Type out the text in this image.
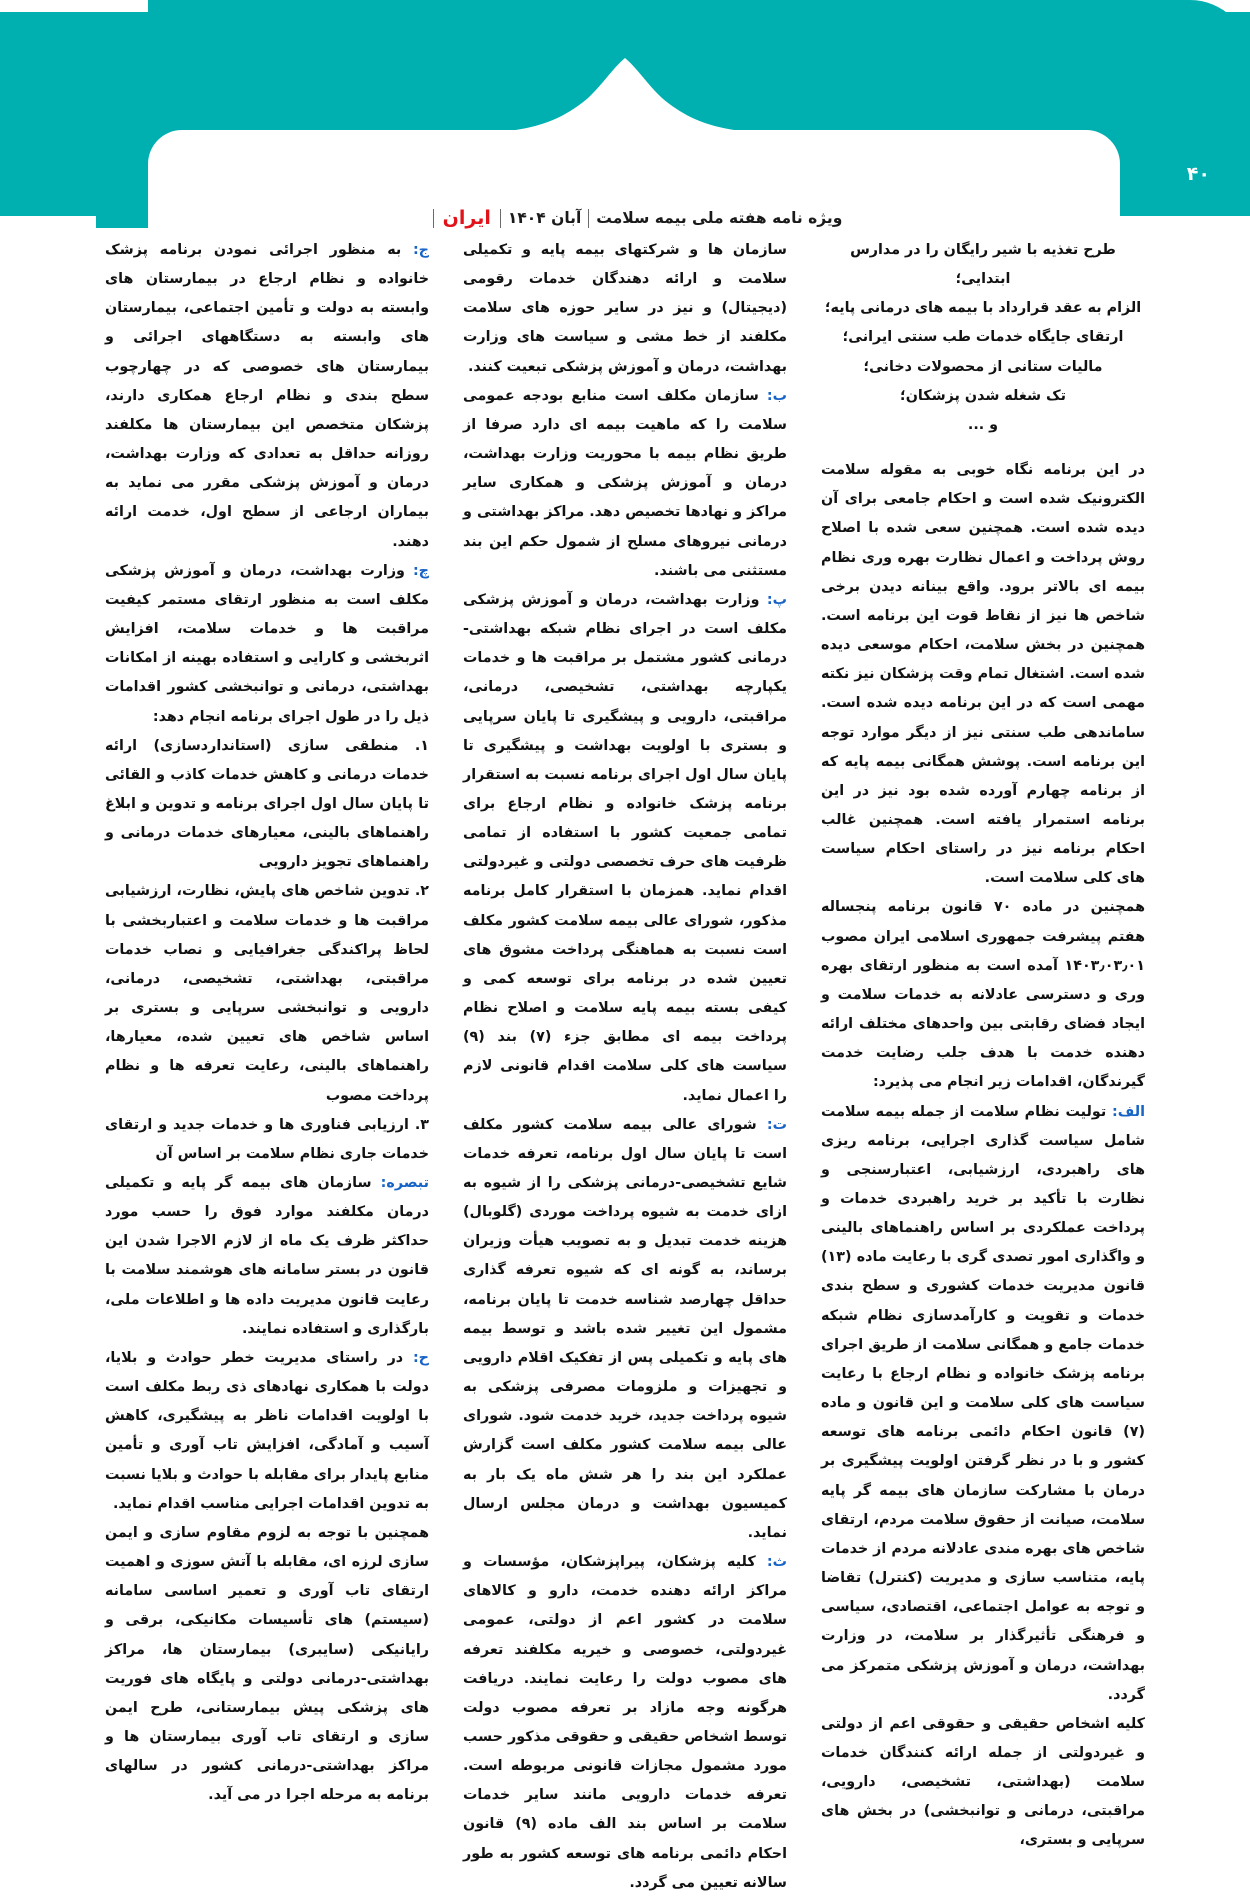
ویژه نامه هفته ملی بیمه سلامت
آبان ۱۴۰۴
ایران
۴۰

طرح تغذیه با شیر رایگان را در مدارس ابتدایی؛

الزام به عقد قرارداد با بیمه های درمانی پایه؛

ارتقای جایگاه خدمات طب سنتی ایرانی؛

مالیات ستانی از محصولات دخانی؛

تک شغله شدن پزشکان؛

و ...

در این برنامه نگاه خوبی به مقوله سلامت الکترونیک شده است و احکام جامعی برای آن دیده شده است. همچنین سعی شده با اصلاح روش پرداخت و اعمال نظارت بهره وری نظام بیمه ای بالاتر برود. واقع بینانه دیدن برخی شاخص ها نیز از نقاط قوت این برنامه است. همچنین در بخش سلامت، احکام موسعی دیده شده است. اشتغال تمام وقت پزشکان نیز نکته مهمی است که در این برنامه دیده شده است. ساماندهی طب سنتی نیز از دیگر موارد توجه این برنامه است. پوشش همگانی بیمه پایه که از برنامه چهارم آورده شده بود نیز در این برنامه استمرار یافته است. همچنین غالب احکام برنامه نیز در راستای احکام سیاست های کلی سلامت است.

همچنین در ماده ۷۰ قانون برنامه پنجساله هفتم پیشرفت جمهوری اسلامی ایران مصوب ۱۴۰۳٫۰۳٫۰۱ آمده است به منظور ارتقای بهره وری و دسترسی عادلانه به خدمات سلامت و ایجاد فضای رقابتی بین واحدهای مختلف ارائه دهنده خدمت با هدف جلب رضایت خدمت گیرندگان، اقدامات زیر انجام می پذیرد:

الف: تولیت نظام سلامت از جمله بیمه سلامت شامل سیاست گذاری اجرایی، برنامه ریزی های راهبردی، ارزشیابی، اعتبارسنجی و نظارت با تأکید بر خرید راهبردی خدمات و پرداخت عملکردی بر اساس راهنماهای بالینی و واگذاری امور تصدی گری با رعایت ماده (۱۳) قانون مدیریت خدمات کشوری و سطح بندی خدمات و تقویت و کارآمدسازی نظام شبکه خدمات جامع و همگانی سلامت از طریق اجرای برنامه پزشک خانواده و نظام ارجاع با رعایت سیاست های کلی سلامت و این قانون و ماده (۷) قانون احکام دائمی برنامه های توسعه کشور و با در نظر گرفتن اولویت پیشگیری بر درمان با مشارکت سازمان های بیمه گر پایه سلامت، صیانت از حقوق سلامت مردم، ارتقای شاخص های بهره مندی عادلانه مردم از خدمات پایه، متناسب سازی و مدیریت (کنترل) تقاضا و توجه به عوامل اجتماعی، اقتصادی، سیاسی و فرهنگی تأثیرگذار بر سلامت، در وزارت بهداشت، درمان و آموزش پزشکی متمرکز می گردد.

کلیه اشخاص حقیقی و حقوقی اعم از دولتی و غیردولتی از جمله ارائه کنندگان خدمات سلامت (بهداشتی، تشخیصی، دارویی، مراقبتی، درمانی و توانبخشی) در بخش های سرپایی و بستری،

سازمان ها و شرکتهای بیمه پایه و تکمیلی سلامت و ارائه دهندگان خدمات رقومی (دیجیتال) و نیز در سایر حوزه های سلامت مکلفند از خط مشی و سیاست های وزارت بهداشت، درمان و آموزش پزشکی تبعیت کنند.

ب: سازمان مکلف است منابع بودجه عمومی سلامت را که ماهیت بیمه ای دارد صرفا از طریق نظام بیمه با محوریت وزارت بهداشت، درمان و آموزش پزشکی و همکاری سایر مراکز و نهادها تخصیص دهد. مراکز بهداشتی و درمانی نیروهای مسلح از شمول حکم این بند مستثنی می باشند.

پ: وزارت بهداشت، درمان و آموزش پزشکی مکلف است در اجرای نظام شبکه بهداشتی-درمانی کشور مشتمل بر مراقبت ها و خدمات یکپارچه بهداشتی، تشخیصی، درمانی، مراقبتی، دارویی و پیشگیری تا پایان سرپایی و بستری با اولویت بهداشت و پیشگیری تا پایان سال اول اجرای برنامه نسبت به استقرار برنامه پزشک خانواده و نظام ارجاع برای تمامی جمعیت کشور با استفاده از تمامی ظرفیت های حرف تخصصی دولتی و غیردولتی اقدام نماید. همزمان با استقرار کامل برنامه مذکور، شورای عالی بیمه سلامت کشور مکلف است نسبت به هماهنگی پرداخت مشوق های تعیین شده در برنامه برای توسعه کمی و کیفی بسته بیمه پایه سلامت و اصلاح نظام پرداخت بیمه ای مطابق جزء (۷) بند (۹) سیاست های کلی سلامت اقدام قانونی لازم را اعمال نماید.

ت: شورای عالی بیمه سلامت کشور مکلف است تا پایان سال اول برنامه، تعرفه خدمات شایع تشخیصی-درمانی پزشکی را از شیوه به ازای خدمت به شیوه پرداخت موردی (گلوبال) هزینه خدمت تبدیل و به تصویب هیأت وزیران برساند، به گونه ای که شیوه تعرفه گذاری حداقل چهارصد شناسه خدمت تا پایان برنامه، مشمول این تغییر شده باشد و توسط بیمه های پایه و تکمیلی پس از تفکیک اقلام دارویی و تجهیزات و ملزومات مصرفی پزشکی به شیوه پرداخت جدید، خرید خدمت شود. شورای عالی بیمه سلامت کشور مکلف است گزارش عملکرد این بند را هر شش ماه یک بار به کمیسیون بهداشت و درمان مجلس ارسال نماید.

ث: کلیه پزشکان، پیراپزشکان، مؤسسات و مراکز ارائه دهنده خدمت، دارو و کالاهای سلامت در کشور اعم از دولتی، عمومی غیردولتی، خصوصی و خیریه مکلفند تعرفه های مصوب دولت را رعایت نمایند. دریافت هرگونه وجه مازاد بر تعرفه مصوب دولت توسط اشخاص حقیقی و حقوقی مذکور حسب مورد مشمول مجازات قانونی مربوطه است. تعرفه خدمات دارویی مانند سایر خدمات سلامت بر اساس بند الف ماده (۹) قانون احکام دائمی برنامه های توسعه کشور به طور سالانه تعیین می گردد.

ج: به منظور اجرائی نمودن برنامه پزشک خانواده و نظام ارجاع در بیمارستان های وابسته به دولت و تأمین اجتماعی، بیمارستان های وابسته به دستگاههای اجرائی و بیمارستان های خصوصی که در چهارچوب سطح بندی و نظام ارجاع همکاری دارند، پزشکان متخصص این بیمارستان ها مکلفند روزانه حداقل به تعدادی که وزارت بهداشت، درمان و آموزش پزشکی مقرر می نماید به بیماران ارجاعی از سطح اول، خدمت ارائه دهند.

چ: وزارت بهداشت، درمان و آموزش پزشکی مکلف است به منظور ارتقای مستمر کیفیت مراقبت ها و خدمات سلامت، افزایش اثربخشی و کارایی و استفاده بهینه از امکانات بهداشتی، درمانی و توانبخشی کشور اقدامات ذیل را در طول اجرای برنامه انجام دهد:

۱. منطقی سازی (استانداردسازی) ارائه خدمات درمانی و کاهش خدمات کاذب و القائی تا پایان سال اول اجرای برنامه و تدوین و ابلاغ راهنماهای بالینی، معیارهای خدمات درمانی و راهنماهای تجویز دارویی

۲. تدوین شاخص های پایش، نظارت، ارزشیابی مراقبت ها و خدمات سلامت و اعتباربخشی با لحاظ پراکندگی جغرافیایی و نصاب خدمات مراقبتی، بهداشتی، تشخیصی، درمانی، دارویی و توانبخشی سرپایی و بستری بر اساس شاخص های تعیین شده، معیارها، راهنماهای بالینی، رعایت تعرفه ها و نظام پرداخت مصوب

۳. ارزیابی فناوری ها و خدمات جدید و ارتقای خدمات جاری نظام سلامت بر اساس آن

تبصره: سازمان های بیمه گر پایه و تکمیلی درمان مکلفند موارد فوق را حسب مورد حداکثر ظرف یک ماه از لازم الاجرا شدن این قانون در بستر سامانه های هوشمند سلامت با رعایت قانون مدیریت داده ها و اطلاعات ملی، بارگذاری و استفاده نمایند.

ح: در راستای مدیریت خطر حوادث و بلایا، دولت با همکاری نهادهای ذی ربط مکلف است با اولویت اقدامات ناظر به پیشگیری، کاهش آسیب و آمادگی، افزایش تاب آوری و تأمین منابع پایدار برای مقابله با حوادث و بلایا نسبت به تدوین اقدامات اجرایی مناسب اقدام نماید.

همچنین با توجه به لزوم مقاوم سازی و ایمن سازی لرزه ای، مقابله با آتش سوزی و اهمیت ارتقای تاب آوری و تعمیر اساسی سامانه (سیستم) های تأسیسات مکانیکی، برقی و رایانیکی (سایبری) بیمارستان ها، مراکز بهداشتی-درمانی دولتی و پایگاه های فوریت های پزشکی پیش بیمارستانی، طرح ایمن سازی و ارتقای تاب آوری بیمارستان ها و مراکز بهداشتی-درمانی کشور در سالهای برنامه به مرحله اجرا در می آید.
